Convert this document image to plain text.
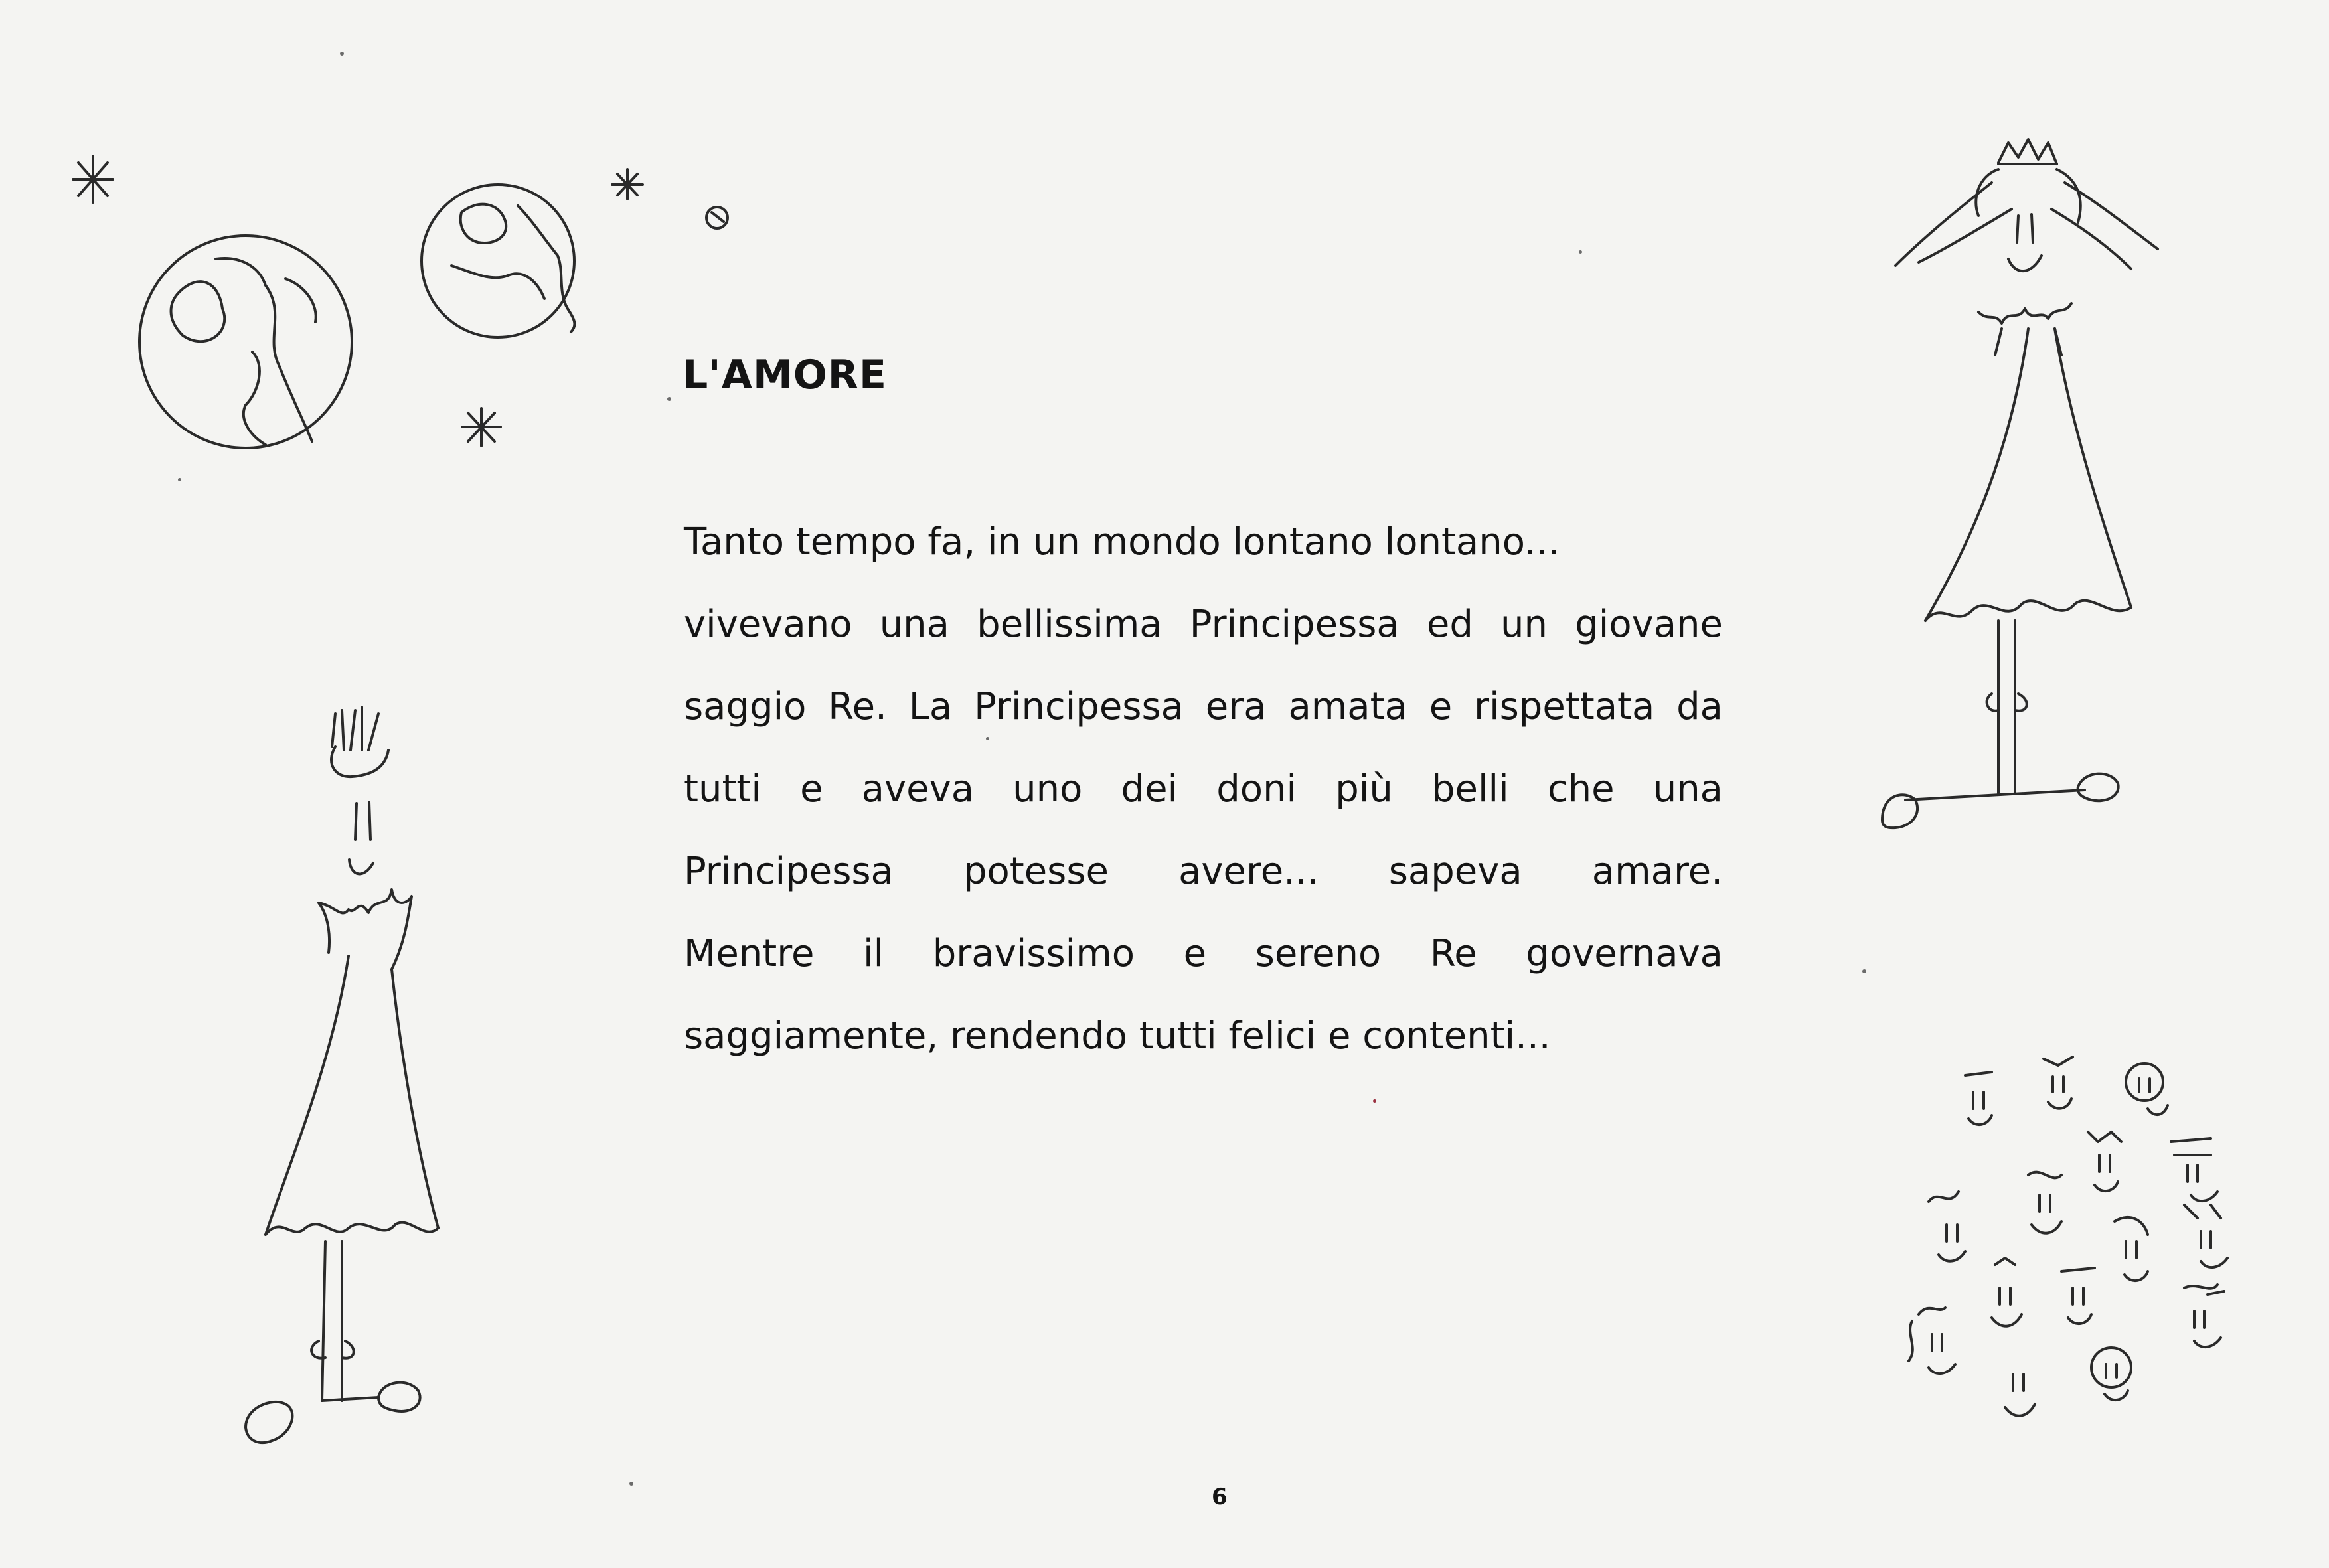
L'AMORE
Tanto tempo fa, in un mondo lontano lontano...
vivevano una bellissima Principessa ed un giovane
saggio Re. La Principessa era amata e rispettata da
tutti e aveva uno dei doni più belli che una
Principessa potesse avere... sapeva amare.
Mentre il bravissimo e sereno Re governava
saggiamente, rendendo tutti felici e contenti...
6
